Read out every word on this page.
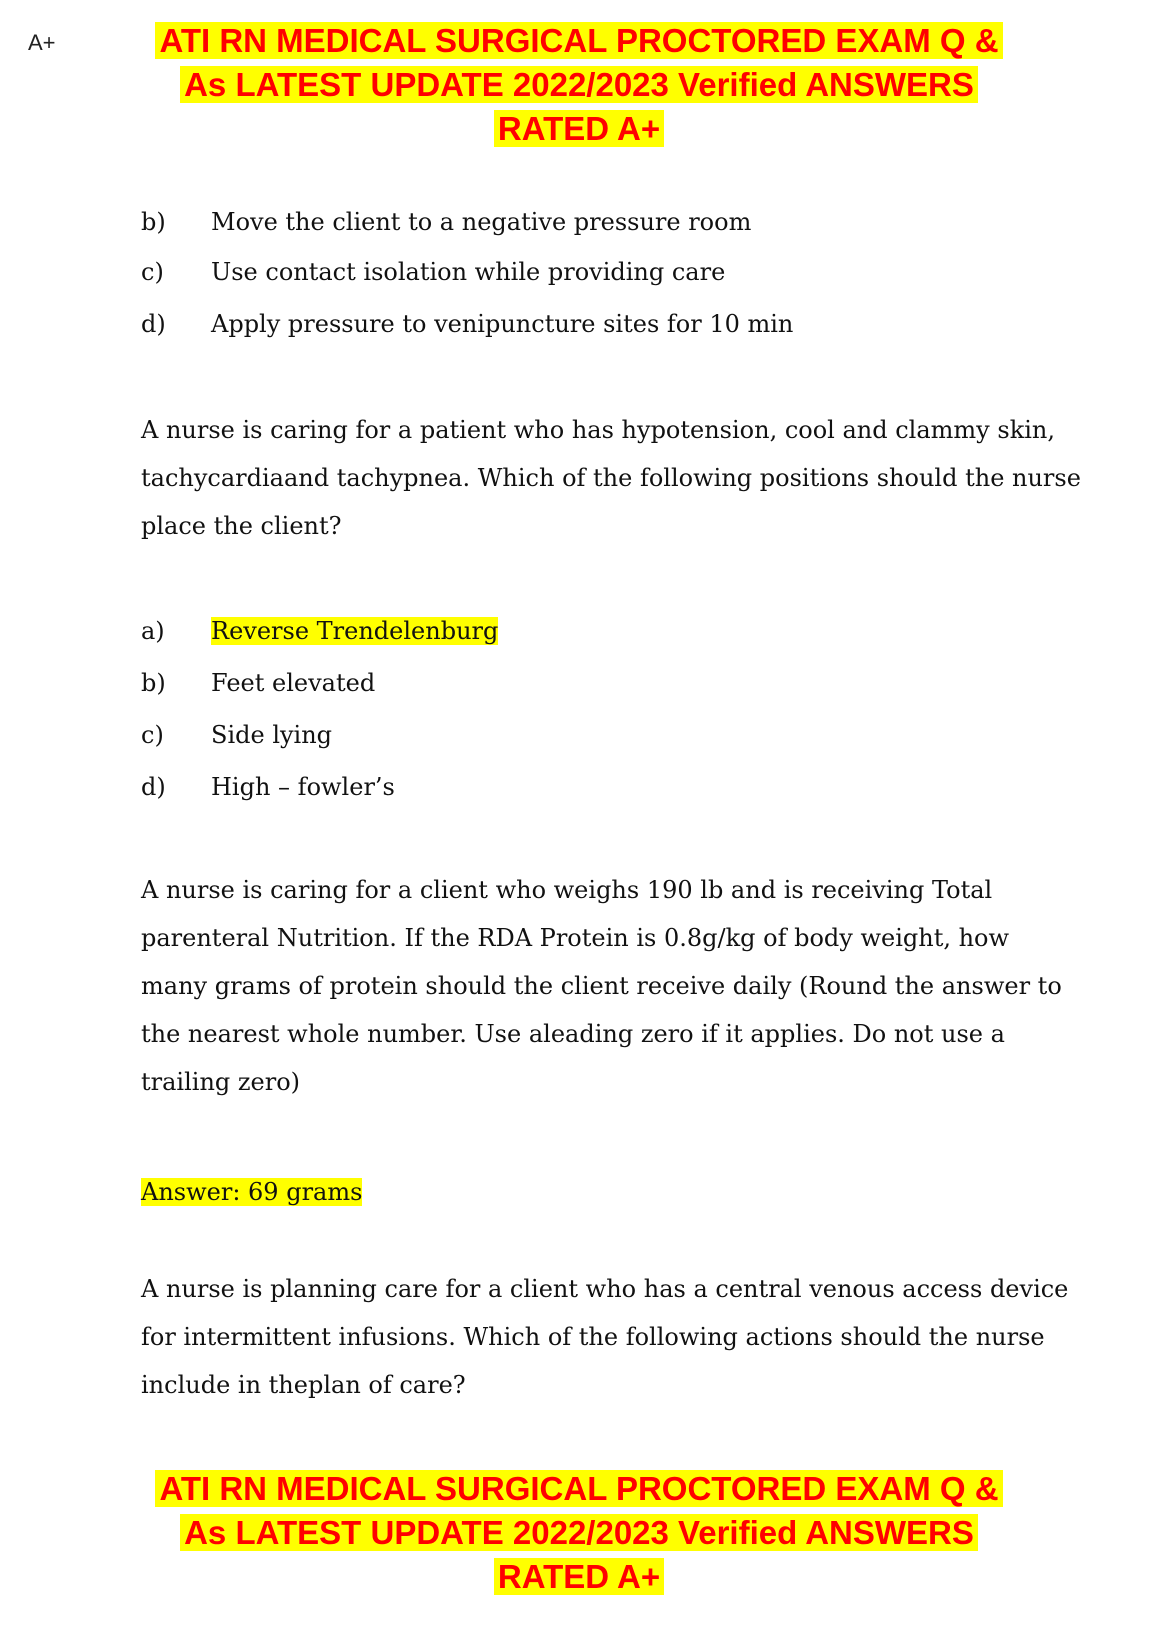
A+	ATI RN MEDICAL SURGICAL PROCTORED EXAM Q &
As LATEST UPDATE 2022/2023 Verified ANSWERS
RATED A+
b) Move the client to a negative pressure room
c) Use contact isolation while providing care
d) Apply pressure to venipuncture sites for 10 min

A nurse is caring for a patient who has hypotension, cool and clammy skin, tachycardiaand tachypnea. Which of the following positions should the nurse place the client?

a) Reverse Trendelenburg
b) Feet elevated
c) Side lying
d) High – fowler’s

A nurse is caring for a client who weighs 190 lb and is receiving Total parenteral Nutrition. If the RDA Protein is 0.8g/kg of body weight, how many grams of protein should the client receive daily (Round the answer to the nearest whole number. Use aleading zero if it applies. Do not use a trailing zero)

Answer: 69 grams

A nurse is planning care for a client who has a central venous access device for intermittent infusions. Which of the following actions should the nurse include in theplan of care?

ATI RN MEDICAL SURGICAL PROCTORED EXAM Q &
As LATEST UPDATE 2022/2023 Verified ANSWERS
RATED A+
